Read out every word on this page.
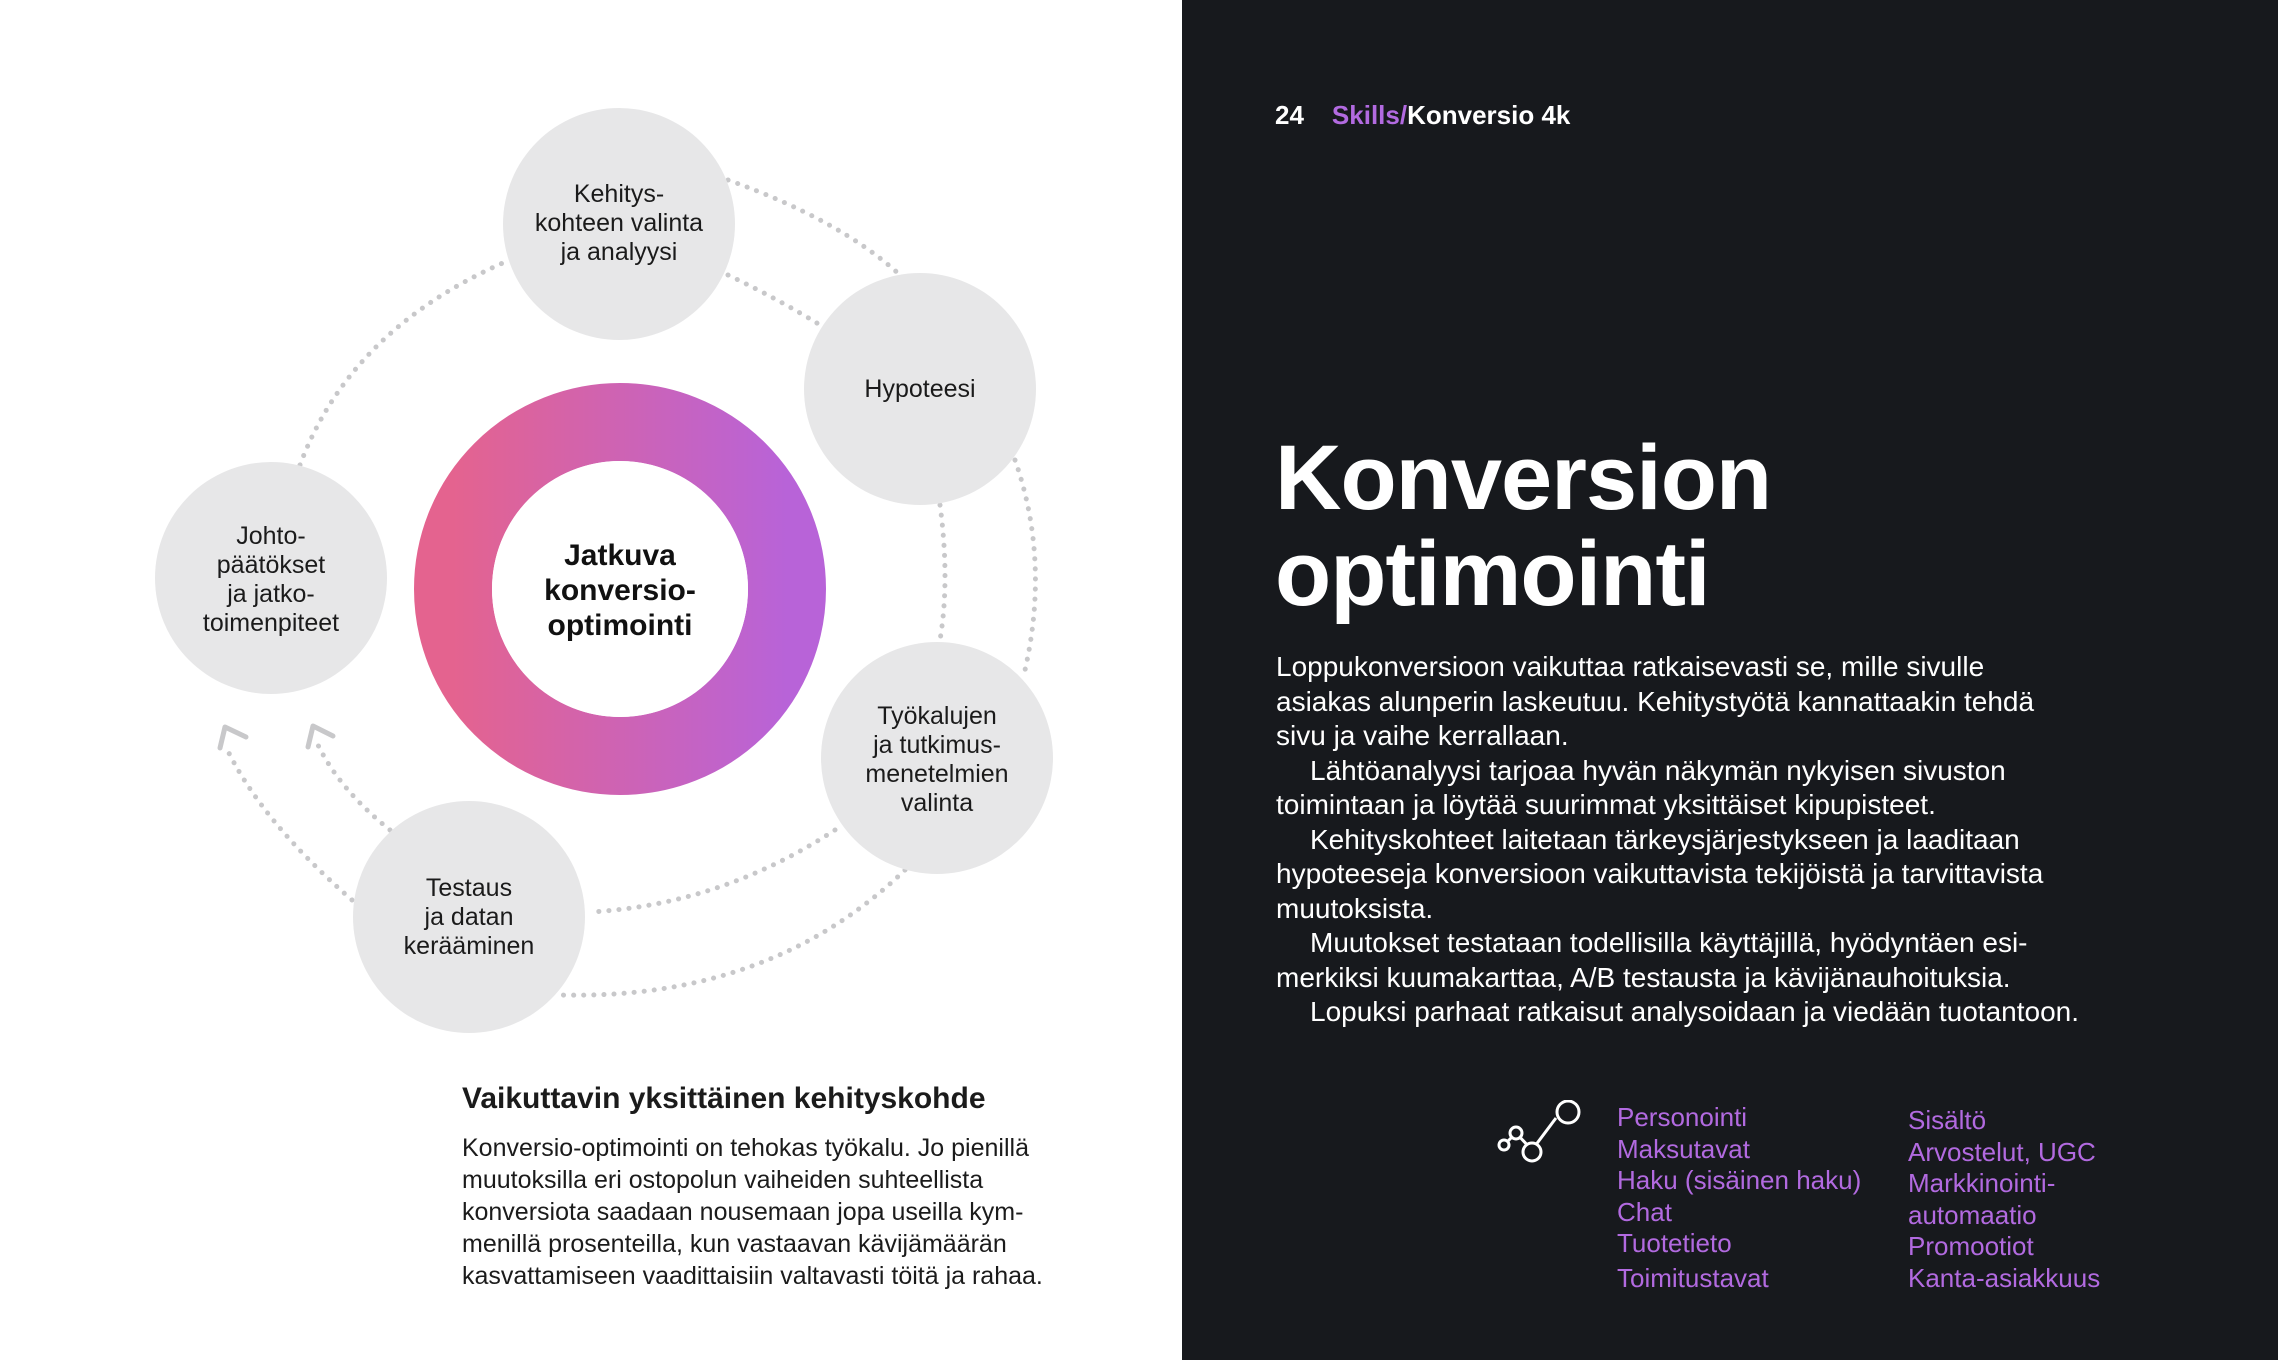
Jatkuva
konversio-
optimointi
Kehitys-
kohteen valinta
ja analyysi
Hypoteesi
Työkalujen
ja tutkimus-
menetelmien
valinta
Testaus
ja datan
kerääminen
Johto-
päätökset
ja jatko-
toimenpiteet
Vaikuttavin yksittäinen kehityskohde
Konversio-optimointi on tehokas työkalu. Jo pienillä
muutoksilla eri ostopolun vaiheiden suhteellista
konversiota saadaan nousemaan jopa useilla kym-
menillä prosenteilla, kun vastaavan kävijämäärän
kasvattamiseen vaadittaisiin valtavasti töitä ja rahaa.
24 Skills/Konversio 4k
Konversion
optimointi
Loppukonversioon vaikuttaa ratkaisevasti se, mille sivulle
asiakas alunperin laskeutuu. Kehitystyötä kannattaakin tehdä
sivu ja vaihe kerrallaan.
Lähtöanalyysi tarjoaa hyvän näkymän nykyisen sivuston
toimintaan ja löytää suurimmat yksittäiset kipupisteet.
Kehityskohteet laitetaan tärkeysjärjestykseen ja laaditaan
hypoteeseja konversioon vaikuttavista tekijöistä ja tarvittavista
muutoksista.
Muutokset testataan todellisilla käyttäjillä, hyödyntäen esi-
merkiksi kuumakarttaa, A/B testausta ja kävijänauhoituksia.
Lopuksi parhaat ratkaisut analysoidaan ja viedään tuotantoon.
Personointi
Maksutavat
Haku (sisäinen haku)
Chat
Tuotetieto
Toimitustavat
Sisältö
Arvostelut, UGC
Markkinointi-
automaatio
Promootiot
Kanta-asiakkuus
